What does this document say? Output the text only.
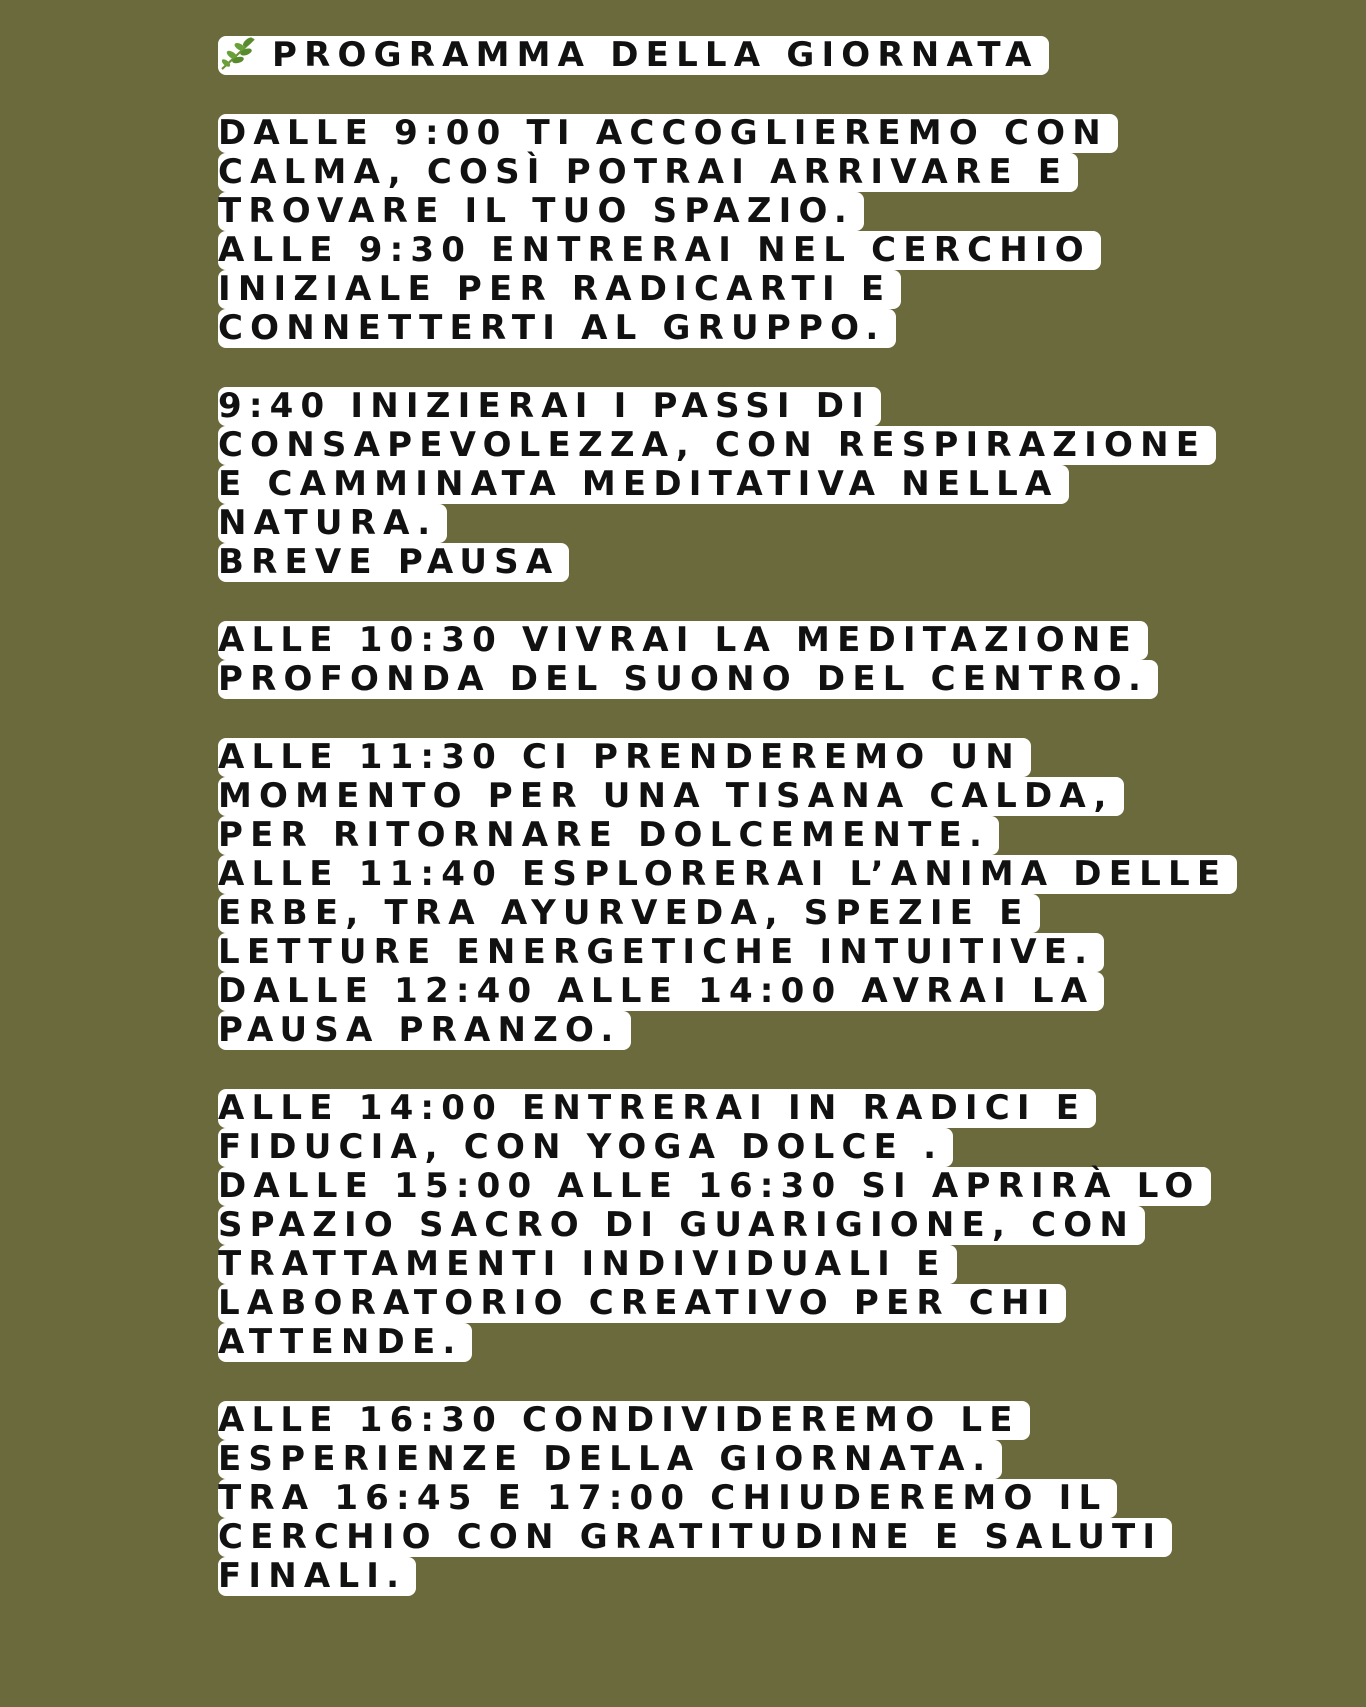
PROGRAMMA DELLA GIORNATA
DALLE 9:00 TI ACCOGLIEREMO CON
CALMA, COSÌ POTRAI ARRIVARE E
TROVARE IL TUO SPAZIO.
ALLE 9:30 ENTRERAI NEL CERCHIO
INIZIALE PER RADICARTI E
CONNETTERTI AL GRUPPO.
9:40 INIZIERAI I PASSI DI
CONSAPEVOLEZZA, CON RESPIRAZIONE
E CAMMINATA MEDITATIVA NELLA
NATURA.
BREVE PAUSA
ALLE 10:30 VIVRAI LA MEDITAZIONE
PROFONDA DEL SUONO DEL CENTRO.
ALLE 11:30 CI PRENDEREMO UN
MOMENTO PER UNA TISANA CALDA,
PER RITORNARE DOLCEMENTE.
ALLE 11:40 ESPLORERAI L’ANIMA DELLE
ERBE, TRA AYURVEDA, SPEZIE E
LETTURE ENERGETICHE INTUITIVE.
DALLE 12:40 ALLE 14:00 AVRAI LA
PAUSA PRANZO.
ALLE 14:00 ENTRERAI IN RADICI E
FIDUCIA, CON YOGA DOLCE .
DALLE 15:00 ALLE 16:30 SI APRIRÀ LO
SPAZIO SACRO DI GUARIGIONE, CON
TRATTAMENTI INDIVIDUALI E
LABORATORIO CREATIVO PER CHI
ATTENDE.
ALLE 16:30 CONDIVIDEREMO LE
ESPERIENZE DELLA GIORNATA.
TRA 16:45 E 17:00 CHIUDEREMO IL
CERCHIO CON GRATITUDINE E SALUTI
FINALI.
